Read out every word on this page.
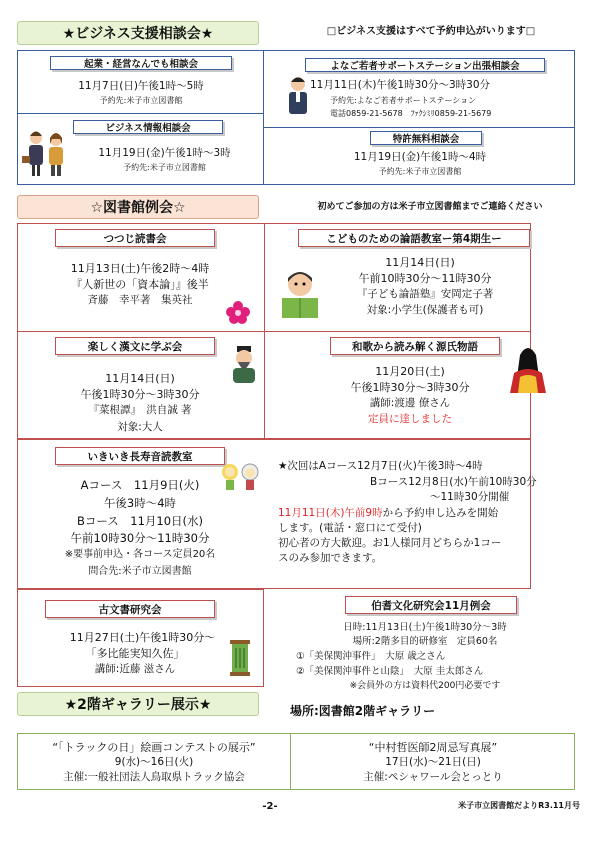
★ビジネス支援相談会★	□ビジネス支援はすべて予約申込がいります□
起業・経営なんでも相談会
11月7日(日)午後1時～5時
予約先:米子市立図書館
ビジネス情報相談会
11月19日(金)午後1時～3時
予約先:米子市立図書館
よなご若者サポートステーション出張相談会
11月11日(木)午後1時30分～3時30分
予約先:よなご若者サポートステーション
電話0859-21-5678　ﾌｧｸｼﾐﾘ0859-21-5679
特許無料相談会
11月19日(金)午後1時～4時
予約先:米子市立図書館
☆図書館例会☆	初めてご参加の方は米子市立図書館までご連絡ください
つつじ読書会
11月13日(土)午後2時～4時
『人新世の「資本論」』後半
斉藤　幸平著　集英社
こどものための論語教室ー第4期生ー
11月14日(日)
午前10時30分～11時30分
『子ども論語塾』安岡定子著
対象:小学生(保護者も可)
楽しく漢文に学ぶ会
11月14日(日)
午後1時30分～3時30分
『菜根譚』　洪自誠 著
対象:大人
和歌から読み解く源氏物語
11月20日(土)
午後1時30分～3時30分
講師:渡邊 僚さん
定員に達しました
いきいき長寿音読教室
Aコース　11月9日(火)
午後3時～4時
Bコース　11月10日(水)
午前10時30分～11時30分
※要事前申込・各コース定員20名
問合先:米子市立図書館
★次回はAコース12月7日(火)午後3時～4時
Bコース12月8日(水)午前10時30分
～11時30分開催
11月11日(木)午前9時から予約申し込みを開始
します。(電話・窓口にて受付)
初心者の方大歓迎。お1人様同月どちらか1コー
スのみ参加できます。
古文書研究会
11月27日(土)午後1時30分～
「多比能実知久佐」
講師:近藤 滋さん
伯耆文化研究会11月例会
日時:11月13日(土)午後1時30分～3時
場所:2階多目的研修室　定員60名
①「美保関沖事件」　大原 歳之さん
②「美保関沖事件と山陰」　大原 圭太郎さん
※会員外の方は資料代200円必要です
★2階ギャラリー展示★	場所:図書館2階ギャラリー
“「トラックの日」絵画コンテストの展示”
9(水)～16日(火)
主催:一般社団法人鳥取県トラック協会
“中村哲医師2周忌写真展”
17日(水)～21日(日)
主催:ペシャワール会とっとり
-2-	米子市立図書館だよりR3.11月号
